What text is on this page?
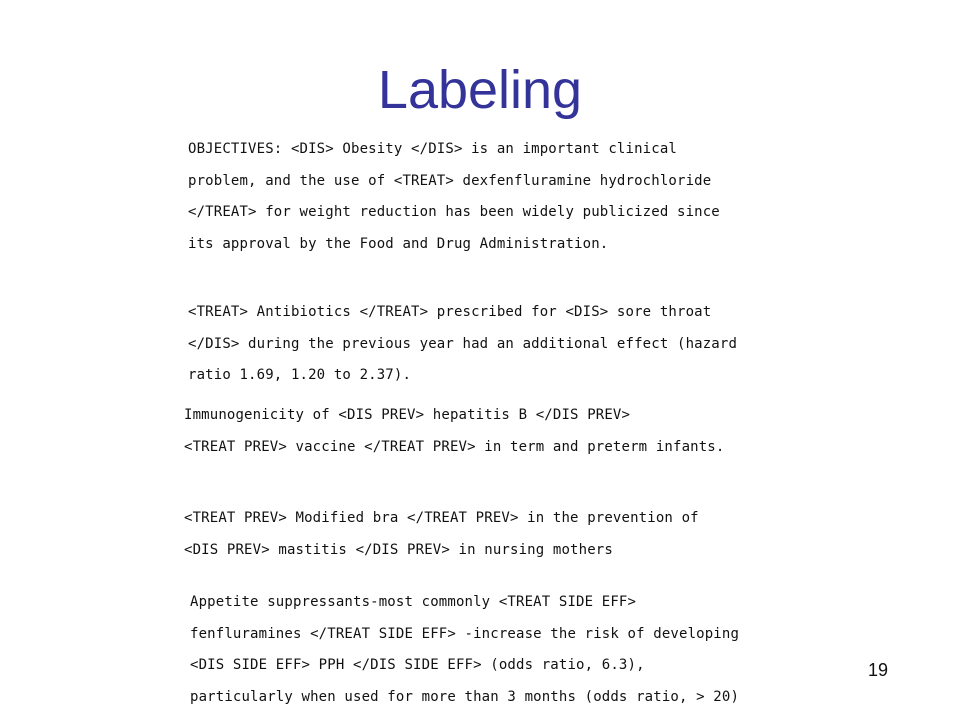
Labeling
OBJECTIVES: <DIS> Obesity </DIS> is an important clinical
problem, and the use of <TREAT> dexfenfluramine hydrochloride
</TREAT> for weight reduction has been widely publicized since
its approval by the Food and Drug Administration.
<TREAT> Antibiotics </TREAT> prescribed for <DIS> sore throat
</DIS> during the previous year had an additional effect (hazard
ratio 1.69, 1.20 to 2.37).
Immunogenicity of <DIS PREV> hepatitis B </DIS PREV>
<TREAT PREV> vaccine </TREAT PREV> in term and preterm infants.
<TREAT PREV> Modified bra </TREAT PREV> in the prevention of
<DIS PREV> mastitis </DIS PREV> in nursing mothers
Appetite suppressants-most commonly <TREAT SIDE EFF>
fenfluramines </TREAT SIDE EFF> -increase the risk of developing
<DIS SIDE EFF> PPH </DIS SIDE EFF> (odds ratio, 6.3),
particularly when used for more than 3 months (odds ratio, > 20)
19
